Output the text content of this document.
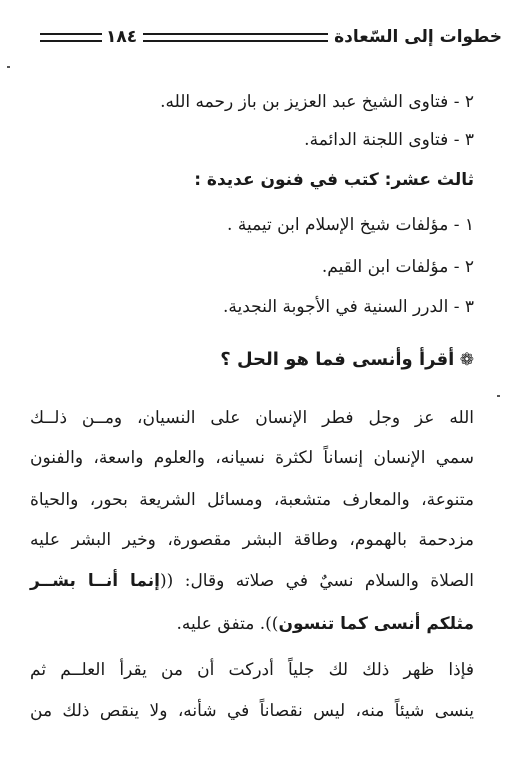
خطوات إلى السّعادة
١٨٤
٢ - فتاوى الشيخ عبد العزيز بن باز رحمه الله.
٣ - فتاوى اللجنة الدائمة.
ثالث عشر: كتب في فنون عديدة :
١ - مؤلفات شيخ الإسلام ابن تيمية .
٢ - مؤلفات ابن القيم.
٣ - الدرر السنية في الأجوبة النجدية.
❁ أقرأ وأنسى فما هو الحل ؟
الله عز وجل فطر الإنسان على النسيان، ومــن ذلــك
سمي الإنسان إنساناً لكثرة نسيانه، والعلوم واسعة، والفنون
متنوعة، والمعارف متشعبة، ومسائل الشريعة بحور، والحياة
مزدحمة بالهموم، وطاقة البشر مقصورة، وخير البشر عليه
الصلاة والسلام نسيٌ في صلاته وقال: ((إنما أنــا بشــر
مثلكم أنسى كما تنسون)). متفق عليه.
فإذا ظهر ذلك لك جلياً أدركت أن من يقرأ العلــم ثم
ينسى شيئاً منه، ليس نقصاناً في شأنه، ولا ينقص ذلك من
